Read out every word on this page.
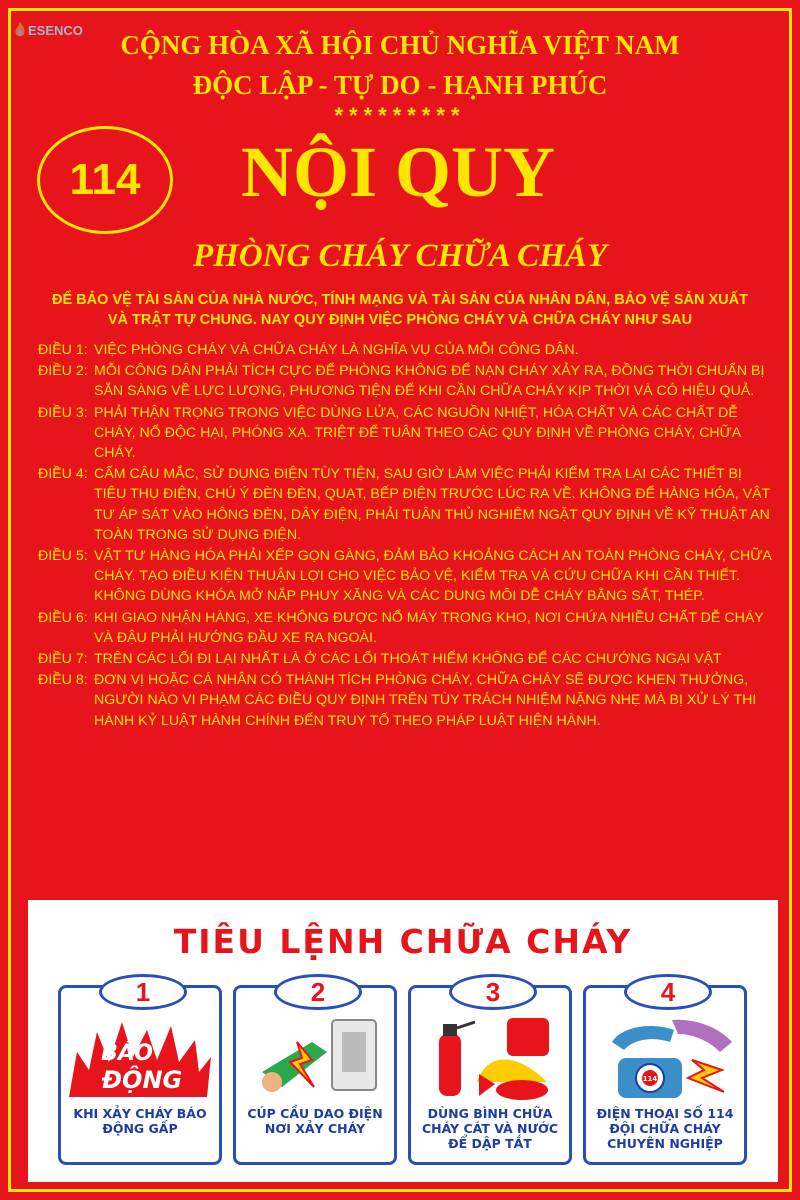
ESENCO	CỘNG HÒA XÃ HỘI CHỦ NGHĨA VIỆT NAM
ĐỘC LẬP - TỰ DO - HẠNH PHÚC
*********
114	NỘI QUY
PHÒNG CHÁY CHỮA CHÁY
ĐỂ BẢO VỆ TÀI SẢN CỦA NHÀ NƯỚC, TÍNH MẠNG VÀ TÀI SẢN CỦA NHÂN DÂN, BẢO VỆ SẢN XUẤT VÀ TRẬT TỰ CHUNG. NAY QUY ĐỊNH VIỆC PHÒNG CHÁY VÀ CHỮA CHÁY NHƯ SAU
ĐIỀU 1: VIỆC PHÒNG CHÁY VÀ CHỮA CHÁY LÀ NGHĨA VỤ CỦA MỖI CÔNG DÂN.
ĐIỀU 2: MỖI CÔNG DÂN PHẢI TÍCH CỰC ĐỂ PHÒNG KHÔNG ĐỂ NẠN CHÁY XẢY RA, ĐỒNG THỜI CHUẨN BỊ SẴN SÀNG VỀ LỰC LƯỢNG, PHƯƠNG TIỆN ĐỂ KHI CẦN CHỮA CHÁY KỊP THỜI VÀ CÓ HIỆU QUẢ.
ĐIỀU 3: PHẢI THẬN TRỌNG TRONG VIỆC DÙNG LỬA, CÁC NGUỒN NHIỆT, HÓA CHẤT VÀ CÁC CHẤT DỄ CHÁY, NỔ ĐỘC HẠI, PHÓNG XẠ. TRIỆT ĐỂ TUÂN THEO CÁC QUY ĐỊNH VỀ PHÒNG CHÁY, CHỮA CHÁY.
ĐIỀU 4: CẤM CÂU MẮC, SỬ DỤNG ĐIỆN TÙY TIỆN, SAU GIỜ LÀM VIỆC PHẢI KIỂM TRA LẠI CÁC THIẾT BỊ TIÊU THỤ ĐIỆN, CHÚ Ý ĐÈN ĐÈN, QUẠT, BẾP ĐIỆN TRƯỚC LÚC RA VỀ. KHÔNG ĐỂ HÀNG HÓA, VẬT TƯ ÁP SÁT VÀO HÔNG ĐÈN, DÂY ĐIỆN, PHẢI TUÂN THỦ NGHIÊM NGẶT QUY ĐỊNH VỀ KỸ THUẬT AN TOÀN TRONG SỬ DỤNG ĐIỆN.
ĐIỀU 5: VẬT TƯ HÀNG HÓA PHẢI XẾP GỌN GÀNG, ĐẢM BẢO KHOẢNG CÁCH AN TOÀN PHÒNG CHÁY, CHỮA CHÁY. TẠO ĐIỀU KIỆN THUẬN LỢI CHO VIỆC BẢO VỆ, KIỂM TRA VÀ CỨU CHỮA KHI CẦN THIẾT. KHÔNG DÙNG KHÓA MỞ NẮP PHUY XĂNG VÀ CÁC DUNG MÔI DỄ CHÁY BẰNG SẮT, THÉP.
ĐIỀU 6: KHI GIAO NHẬN HÀNG, XE KHÔNG ĐƯỢC NỔ MÁY TRONG KHO, NƠI CHỨA NHIỀU CHẤT DỄ CHÁY VÀ ĐẬU PHẢI HƯỚNG ĐẦU XE RA NGOÀI.
ĐIỀU 7: TRÊN CÁC LỐI ĐI LẠI NHẤT LÀ Ở CÁC LỐI THOÁT HIỂM KHÔNG ĐỂ CÁC CHƯỚNG NGẠI VẬT
ĐIỀU 8: ĐƠN VỊ HOẶC CÁ NHÂN CÓ THÀNH TÍCH PHÒNG CHÁY, CHỮA CHÁY SẼ ĐƯỢC KHEN THƯỞNG, NGƯỜI NÀO VI PHẠM CÁC ĐIỀU QUY ĐỊNH TRÊN TÙY TRÁCH NHIỆM NẶNG NHẸ MÀ BỊ XỬ LÝ THI HÀNH KỶ LUẬT HÀNH CHÍNH ĐẾN TRUY TỐ THEO PHÁP LUẬT HIỆN HÀNH.
TIÊU LỆNH CHỮA CHÁY
1
BÁO
ĐỘNG
KHI XẢY CHÁY BÁO ĐỘNG GẤP
2
CÚP CẦU DAO ĐIỆN NƠI XẢY CHÁY
3
DÙNG BÌNH CHỮA CHÁY CÁT VÀ NƯỚC ĐỂ DẬP TẮT
4
114
ĐIỆN THOẠI SỐ 114 ĐỘI CHỮA CHÁY CHUYÊN NGHIỆP
